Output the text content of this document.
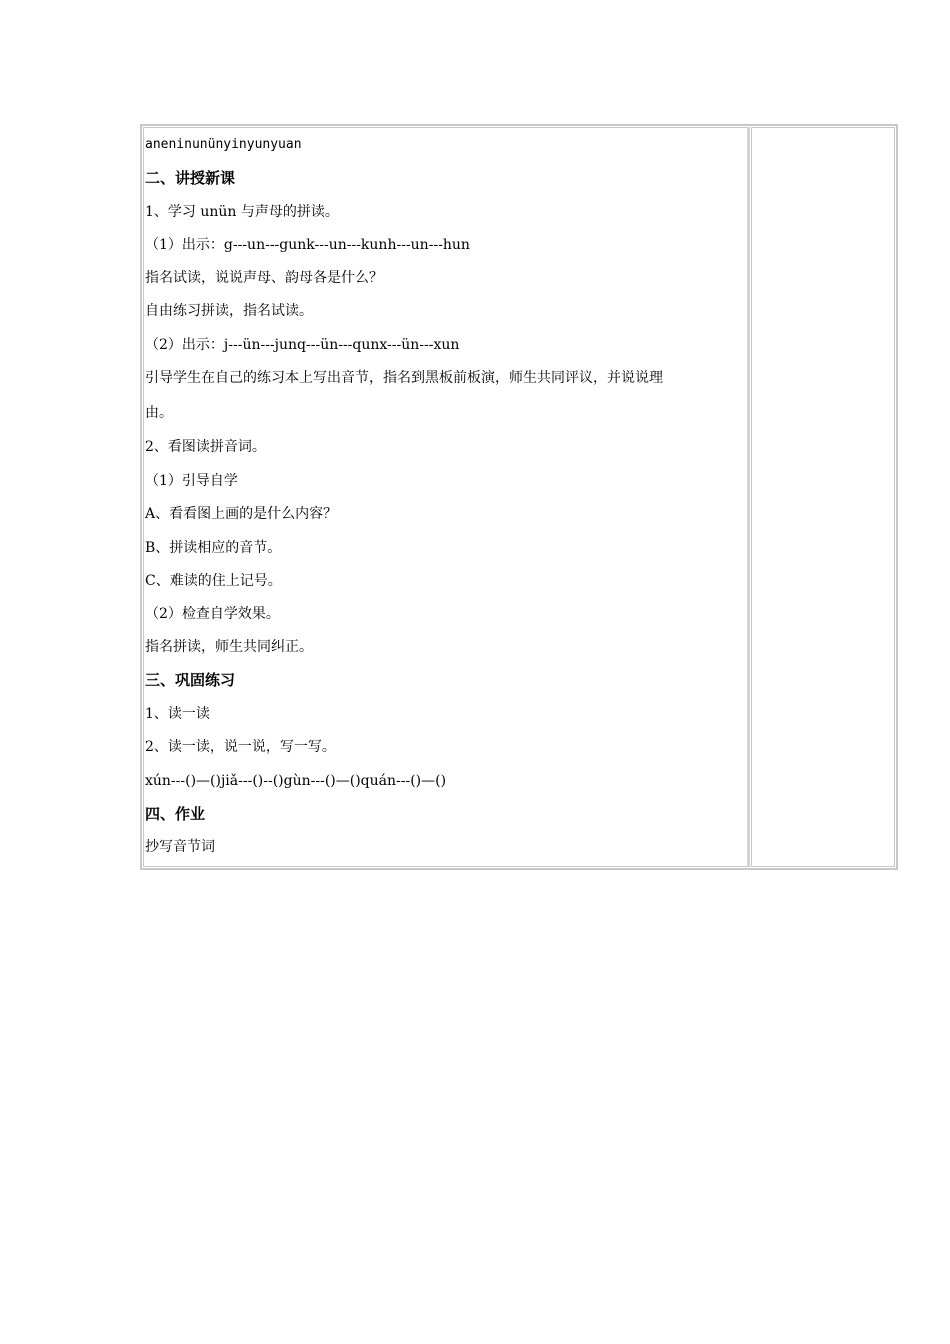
aneninunünyinyunyuan
二、讲授新课
1、学习 unün 与声母的拼读。
（1）出示：g---un---gunk---un---kunh---un---hun
指名试读，说说声母、韵母各是什么？
自由练习拼读，指名试读。
（2）出示：j---ün---junq---ün---qunx---ün---xun
引导学生在自己的练习本上写出音节，指名到黑板前板演，师生共同评议，并说说理
由。
2、看图读拼音词。
（1）引导自学
A、看看图上画的是什么内容？
B、拼读相应的音节。
C、难读的住上记号。
（2）检查自学效果。
指名拼读，师生共同纠正。
三、巩固练习
1、读一读
2、读一读，说一说，写一写。
xún---()—()jiǎ---()--()gùn---()—()quán---()—()
四、作业
抄写音节词
